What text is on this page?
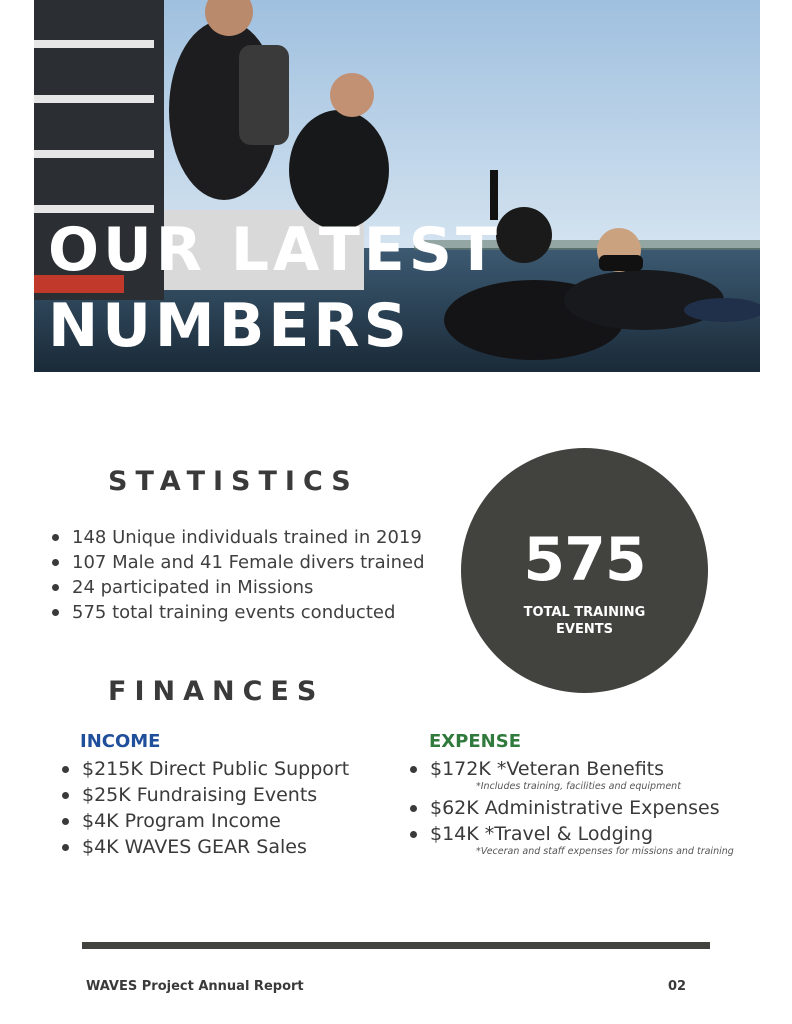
OUR LATEST
NUMBERS
STATISTICS
148 Unique individuals trained in 2019
107 Male and 41 Female divers trained
24 participated in Missions
575 total training events conducted
575
TOTAL TRAINING EVENTS
FINANCES
INCOME
$215K Direct Public Support
$25K Fundraising Events
$4K Program Income
$4K WAVES GEAR Sales
EXPENSE
$172K *Veteran Benefits
*Includes training, facilities and equipment
$62K Administrative Expenses
$14K *Travel & Lodging
*Veceran and staff expenses for missions and training
WAVES Project Annual Report	02
